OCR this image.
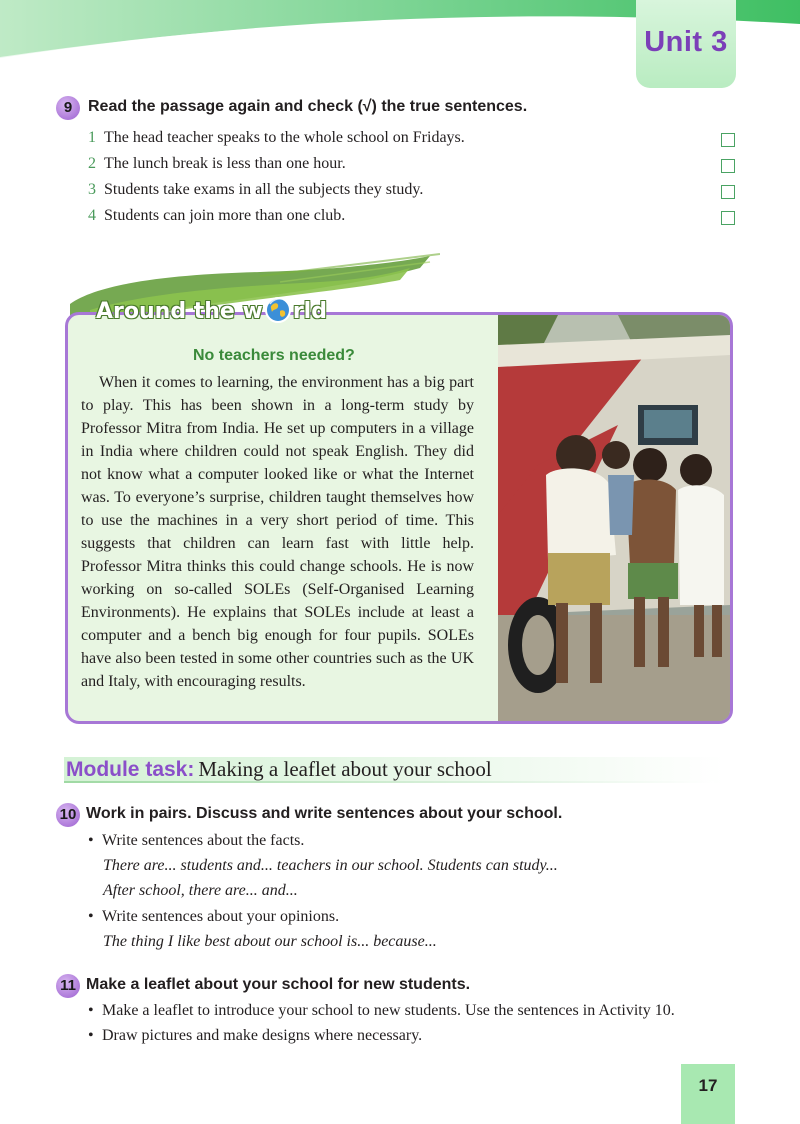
Unit 3
9 Read the passage again and check (√) the true sentences.
1 The head teacher speaks to the whole school on Fridays.
2 The lunch break is less than one hour.
3 Students take exams in all the subjects they study.
4 Students can join more than one club.
Around the w rld
No teachers needed?
When it comes to learning, the environment has a big part to play. This has been shown in a long-term study by Professor Mitra from India. He set up computers in a village in India where children could not speak English. They did not know what a computer looked like or what the Internet was. To everyone’s surprise, children taught themselves how to use the machines in a very short period of time. This suggests that children can learn fast with little help. Professor Mitra thinks this could change schools. He is now working on so-called SOLEs (Self-Organised Learning Environments). He explains that SOLEs include at least a computer and a bench big enough for four pupils. SOLEs have also been tested in some other countries such as the UK and Italy, with encouraging results.
Module task: Making a leaflet about your school
10 Work in pairs. Discuss and write sentences about your school.
• Write sentences about the facts.
There are... students and... teachers in our school. Students can study...
After school, there are... and...
• Write sentences about your opinions.
The thing I like best about our school is... because...
11 Make a leaflet about your school for new students.
• Make a leaflet to introduce your school to new students. Use the sentences in Activity 10.
• Draw pictures and make designs where necessary.
17
